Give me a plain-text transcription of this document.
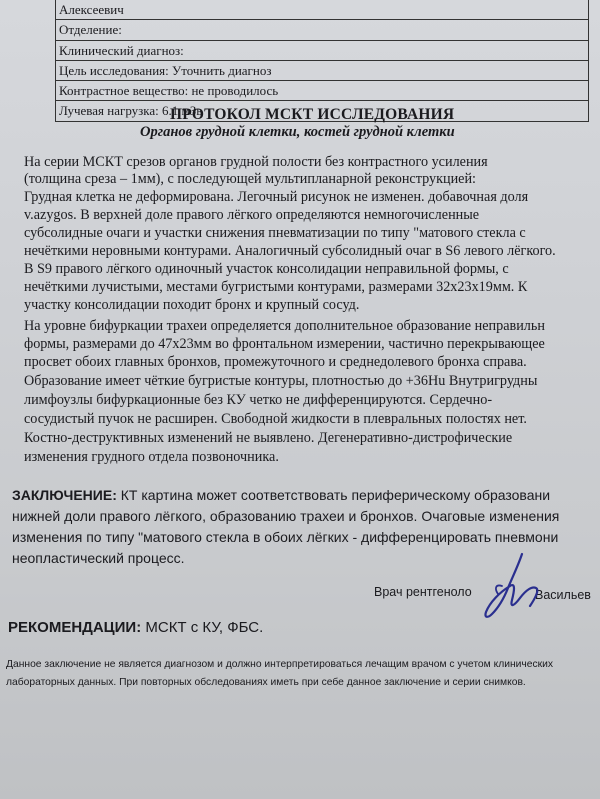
Алексеевич
Отделение:
Клинический диагноз:
Цель исследования: Уточнить диагноз
Контрастное вещество: не проводилось
Лучевая нагрузка: 6.1 мЗв
ПРОТОКОЛ МСКТ ИССЛЕДОВАНИЯ
Органов грудной клетки, костей грудной клетки
На серии МСКТ срезов органов грудной полости без контрастного усиления
(толщина среза – 1мм), с последующей мультипланарной реконструкцией:
Грудная клетка не деформирована. Легочный рисунок не изменен. добавочная доля
v.azygos. В верхней доле правого лёгкого определяются немногочисленные
субсолидные очаги и участки снижения пневматизации по типу "матового стекла с
нечёткими неровными контурами. Аналогичный субсолидный очаг в S6 левого лёгкого.
В S9 правого лёгкого одиночный участок консолидации неправильной формы, с
нечёткими лучистыми, местами бугристыми контурами, размерами 32х23х19мм. К
участку консолидации походит бронх и крупный сосуд.
На уровне бифуркации трахеи определяется дополнительное образование неправильн
формы, размерами до 47х23мм во фронтальном измерении, частично перекрывающее
просвет обоих главных бронхов, промежуточного и среднедолевого бронха справа.
Образование имеет чёткие бугристые контуры, плотностью до +36Hu Внутригрудны
лимфоузлы бифуркационные без КУ четко не дифференцируются. Сердечно-
сосудистый пучок не расширен. Свободной жидкости в плевральных полостях нет.
Костно-деструктивных изменений не выявлено. Дегенеративно-дистрофические
изменения грудного отдела позвоночника.
ЗАКЛЮЧЕНИЕ: КТ картина может соответствовать периферическому образовани
нижней доли правого лёгкого, образованию трахеи и бронхов. Очаговые изменения
изменения по типу "матового стекла в обоих лёгких - дифференцировать пневмони
неопластический процесс.
Врач рентгеноло	Васильев
РЕКОМЕНДАЦИИ: МСКТ с КУ, ФБС.
Данное заключение не является диагнозом и должно интерпретироваться лечащим врачом с учетом клинических
лабораторных данных. При повторных обследованиях иметь при себе данное заключение и серии снимков.
